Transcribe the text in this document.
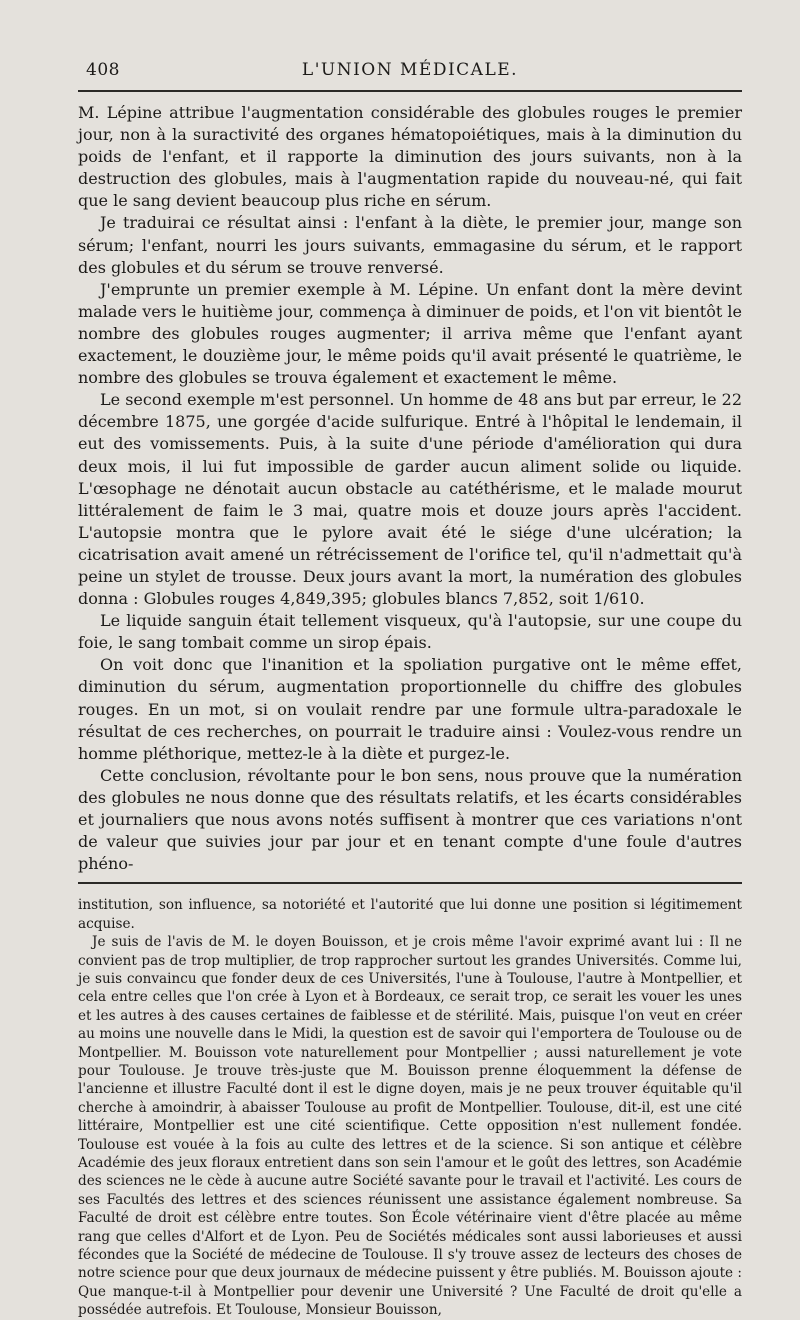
408	L'UNION MÉDICALE.

M. Lépine attribue l'augmentation considérable des globules rouges le premier jour, non à la suractivité des organes hématopoiétiques, mais à la diminution du poids de l'enfant, et il rapporte la diminution des jours suivants, non à la destruction des globules, mais à l'augmentation rapide du nouveau-né, qui fait que le sang devient beaucoup plus riche en sérum.

Je traduirai ce résultat ainsi : l'enfant à la diète, le premier jour, mange son sérum; l'enfant, nourri les jours suivants, emmagasine du sérum, et le rapport des globules et du sérum se trouve renversé.

J'emprunte un premier exemple à M. Lépine. Un enfant dont la mère devint malade vers le huitième jour, commença à diminuer de poids, et l'on vit bientôt le nombre des globules rouges augmenter; il arriva même que l'enfant ayant exactement, le douzième jour, le même poids qu'il avait présenté le quatrième, le nombre des globules se trouva également et exactement le même.

Le second exemple m'est personnel. Un homme de 48 ans but par erreur, le 22 décembre 1875, une gorgée d'acide sulfurique. Entré à l'hôpital le lendemain, il eut des vomissements. Puis, à la suite d'une période d'amélioration qui dura deux mois, il lui fut impossible de garder aucun aliment solide ou liquide. L'œsophage ne dénotait aucun obstacle au catéthérisme, et le malade mourut littéralement de faim le 3 mai, quatre mois et douze jours après l'accident. L'autopsie montra que le pylore avait été le siége d'une ulcération; la cicatrisation avait amené un rétrécissement de l'orifice tel, qu'il n'admettait qu'à peine un stylet de trousse. Deux jours avant la mort, la numération des globules donna : Globules rouges 4,849,395; globules blancs 7,852, soit 1/610.

Le liquide sanguin était tellement visqueux, qu'à l'autopsie, sur une coupe du foie, le sang tombait comme un sirop épais.

On voit donc que l'inanition et la spoliation purgative ont le même effet, diminution du sérum, augmentation proportionnelle du chiffre des globules rouges. En un mot, si on voulait rendre par une formule ultra-paradoxale le résultat de ces recherches, on pourrait le traduire ainsi : Voulez-vous rendre un homme pléthorique, mettez-le à la diète et purgez-le.

Cette conclusion, révoltante pour le bon sens, nous prouve que la numération des globules ne nous donne que des résultats relatifs, et les écarts considérables et journaliers que nous avons notés suffisent à montrer que ces variations n'ont de valeur que suivies jour par jour et en tenant compte d'une foule d'autres phéno-

institution, son influence, sa notoriété et l'autorité que lui donne une position si légitimement acquise.

Je suis de l'avis de M. le doyen Bouisson, et je crois même l'avoir exprimé avant lui : Il ne convient pas de trop multiplier, de trop rapprocher surtout les grandes Universités. Comme lui, je suis convaincu que fonder deux de ces Universités, l'une à Toulouse, l'autre à Montpellier, et cela entre celles que l'on crée à Lyon et à Bordeaux, ce serait trop, ce serait les vouer les unes et les autres à des causes certaines de faiblesse et de stérilité. Mais, puisque l'on veut en créer au moins une nouvelle dans le Midi, la question est de savoir qui l'emportera de Toulouse ou de Montpellier. M. Bouisson vote naturellement pour Montpellier ; aussi naturellement je vote pour Toulouse. Je trouve très-juste que M. Bouisson prenne éloquemment la défense de l'ancienne et illustre Faculté dont il est le digne doyen, mais je ne peux trouver équitable qu'il cherche à amoindrir, à abaisser Toulouse au profit de Montpellier. Toulouse, dit-il, est une cité littéraire, Montpellier est une cité scientifique. Cette opposition n'est nullement fondée. Toulouse est vouée à la fois au culte des lettres et de la science. Si son antique et célèbre Académie des jeux floraux entretient dans son sein l'amour et le goût des lettres, son Académie des sciences ne le cède à aucune autre Société savante pour le travail et l'activité. Les cours de ses Facultés des lettres et des sciences réunissent une assistance également nombreuse. Sa Faculté de droit est célèbre entre toutes. Son École vétérinaire vient d'être placée au même rang que celles d'Alfort et de Lyon. Peu de Sociétés médicales sont aussi laborieuses et aussi fécondes que la Société de médecine de Toulouse. Il s'y trouve assez de lecteurs des choses de notre science pour que deux journaux de médecine puissent y être publiés. M. Bouisson ajoute : Que manque-t-il à Montpellier pour devenir une Université ? Une Faculté de droit qu'elle a possédée autrefois. Et Toulouse, Monsieur Bouisson,
